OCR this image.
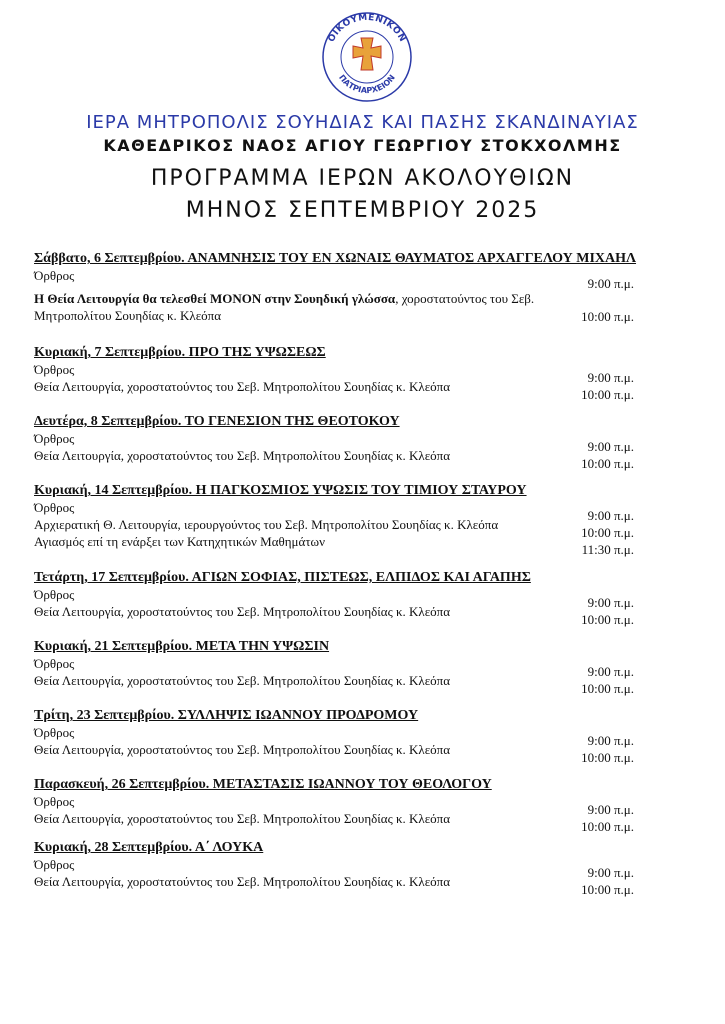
ΟΙΚΟΥΜΕΝΙΚΟΝ
ΠΑΤΡΙΑΡΧΕΙΟΝ
ΙΕΡΑ ΜΗΤΡΟΠΟΛΙΣ ΣΟΥΗΔΙΑΣ ΚΑΙ ΠΑΣΗΣ ΣΚΑΝΔΙΝΑΥΙΑΣ
ΚΑΘΕΔΡΙΚΟΣ ΝΑΟΣ ΑΓΙΟΥ ΓΕΩΡΓΙΟΥ ΣΤΟΚΧΟΛΜΗΣ
ΠΡΟΓΡΑΜΜΑ ΙΕΡΩΝ ΑΚΟΛΟΥΘΙΩΝ
ΜΗΝΟΣ ΣΕΠΤΕΜΒΡΙΟΥ 2025
Σάββατο, 6 Σεπτεμβρίου. ΑΝΑΜΝΗΣΙΣ ΤΟΥ ΕΝ ΧΩΝΑΙΣ ΘΑΥΜΑΤΟΣ ΑΡΧΑΓΓΕΛΟΥ ΜΙΧΑΗΛ
Όρθρος
9:00 π.μ.
Η Θεία Λειτουργία θα τελεσθεί ΜΟΝΟΝ στην Σουηδική γλώσσα, χοροστατούντος του Σεβ. Μητροπολίτου Σουηδίας κ. Κλεόπα	10:00 π.μ.
Κυριακή, 7 Σεπτεμβρίου. ΠΡΟ ΤΗΣ ΥΨΩΣΕΩΣ
Όρθρος
9:00 π.μ.
Θεία Λειτουργία, χοροστατούντος του Σεβ. Μητροπολίτου Σουηδίας κ. Κλεόπα
10:00 π.μ.
Δευτέρα, 8 Σεπτεμβρίου. ΤΟ ΓΕΝΕΣΙΟΝ ΤΗΣ ΘΕΟΤΟΚΟΥ
Όρθρος
9:00 π.μ.
Θεία Λειτουργία, χοροστατούντος του Σεβ. Μητροπολίτου Σουηδίας κ. Κλεόπα
10:00 π.μ.
Κυριακή, 14 Σεπτεμβρίου. Η ΠΑΓΚΟΣΜΙΟΣ ΥΨΩΣΙΣ ΤΟΥ ΤΙΜΙΟΥ ΣΤΑΥΡΟΥ
Όρθρος
9:00 π.μ.
Αρχιερατική Θ. Λειτουργία, ιερουργούντος του Σεβ. Μητροπολίτου Σουηδίας κ. Κλεόπα
10:00 π.μ.
Αγιασμός επί τη ενάρξει των Κατηχητικών Μαθημάτων
11:30 π.μ.
Τετάρτη, 17 Σεπτεμβρίου. ΑΓΙΩΝ ΣΟΦΙΑΣ, ΠΙΣΤΕΩΣ, ΕΛΠΙΔΟΣ ΚΑΙ ΑΓΑΠΗΣ
Όρθρος
9:00 π.μ.
Θεία Λειτουργία, χοροστατούντος του Σεβ. Μητροπολίτου Σουηδίας κ. Κλεόπα
10:00 π.μ.
Κυριακή, 21 Σεπτεμβρίου. ΜΕΤΑ ΤΗΝ ΥΨΩΣΙΝ
Όρθρος
9:00 π.μ.
Θεία Λειτουργία, χοροστατούντος του Σεβ. Μητροπολίτου Σουηδίας κ. Κλεόπα
10:00 π.μ.
Τρίτη, 23 Σεπτεμβρίου. ΣΥΛΛΗΨΙΣ ΙΩΑΝΝΟΥ ΠΡΟΔΡΟΜΟΥ
Όρθρος
9:00 π.μ.
Θεία Λειτουργία, χοροστατούντος του Σεβ. Μητροπολίτου Σουηδίας κ. Κλεόπα
10:00 π.μ.
Παρασκευή, 26 Σεπτεμβρίου. ΜΕΤΑΣΤΑΣΙΣ ΙΩΑΝΝΟΥ ΤΟΥ ΘΕΟΛΟΓΟΥ
Όρθρος
9:00 π.μ.
Θεία Λειτουργία, χοροστατούντος του Σεβ. Μητροπολίτου Σουηδίας κ. Κλεόπα
10:00 π.μ.
Κυριακή, 28 Σεπτεμβρίου. Α΄ ΛΟΥΚΑ
Όρθρος
9:00 π.μ.
Θεία Λειτουργία, χοροστατούντος του Σεβ. Μητροπολίτου Σουηδίας κ. Κλεόπα
10:00 π.μ.
